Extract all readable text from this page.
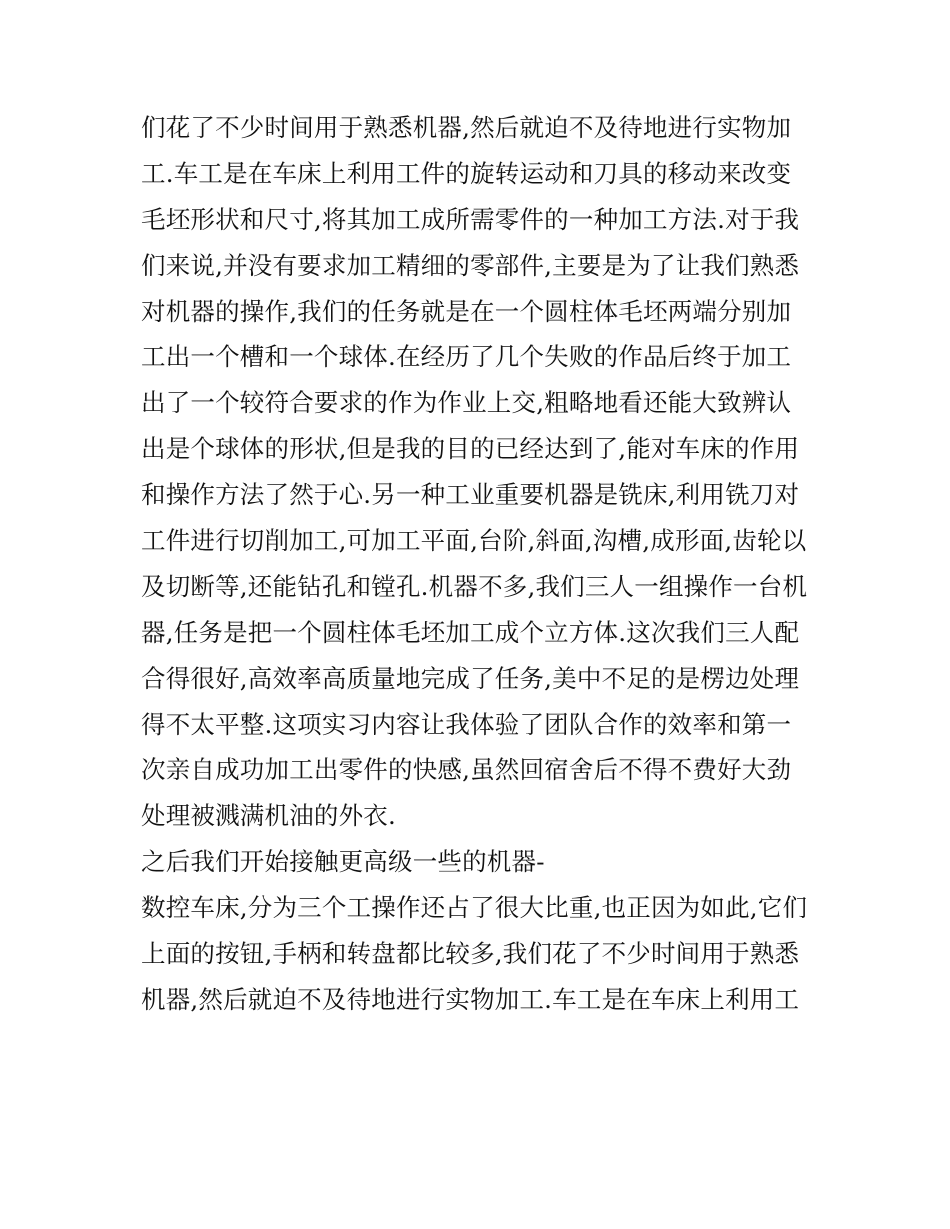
们花了不少时间用于熟悉机器,然后就迫不及待地进行实物加
工.车工是在车床上利用工件的旋转运动和刀具的移动来改变
毛坯形状和尺寸,将其加工成所需零件的一种加工方法.对于我
们来说,并没有要求加工精细的零部件,主要是为了让我们熟悉
对机器的操作,我们的任务就是在一个圆柱体毛坯两端分别加
工出一个槽和一个球体.在经历了几个失败的作品后终于加工
出了一个较符合要求的作为作业上交,粗略地看还能大致辨认
出是个球体的形状,但是我的目的已经达到了,能对车床的作用
和操作方法了然于心.另一种工业重要机器是铣床,利用铣刀对
工件进行切削加工,可加工平面,台阶,斜面,沟槽,成形面,齿轮以
及切断等,还能钻孔和镗孔.机器不多,我们三人一组操作一台机
器,任务是把一个圆柱体毛坯加工成个立方体.这次我们三人配
合得很好,高效率高质量地完成了任务,美中不足的是楞边处理
得不太平整.这项实习内容让我体验了团队合作的效率和第一
次亲自成功加工出零件的快感,虽然回宿舍后不得不费好大劲
处理被溅满机油的外衣.
之后我们开始接触更高级一些的机器-
数控车床,分为三个工操作还占了很大比重,也正因为如此,它们
上面的按钮,手柄和转盘都比较多,我们花了不少时间用于熟悉
机器,然后就迫不及待地进行实物加工.车工是在车床上利用工
